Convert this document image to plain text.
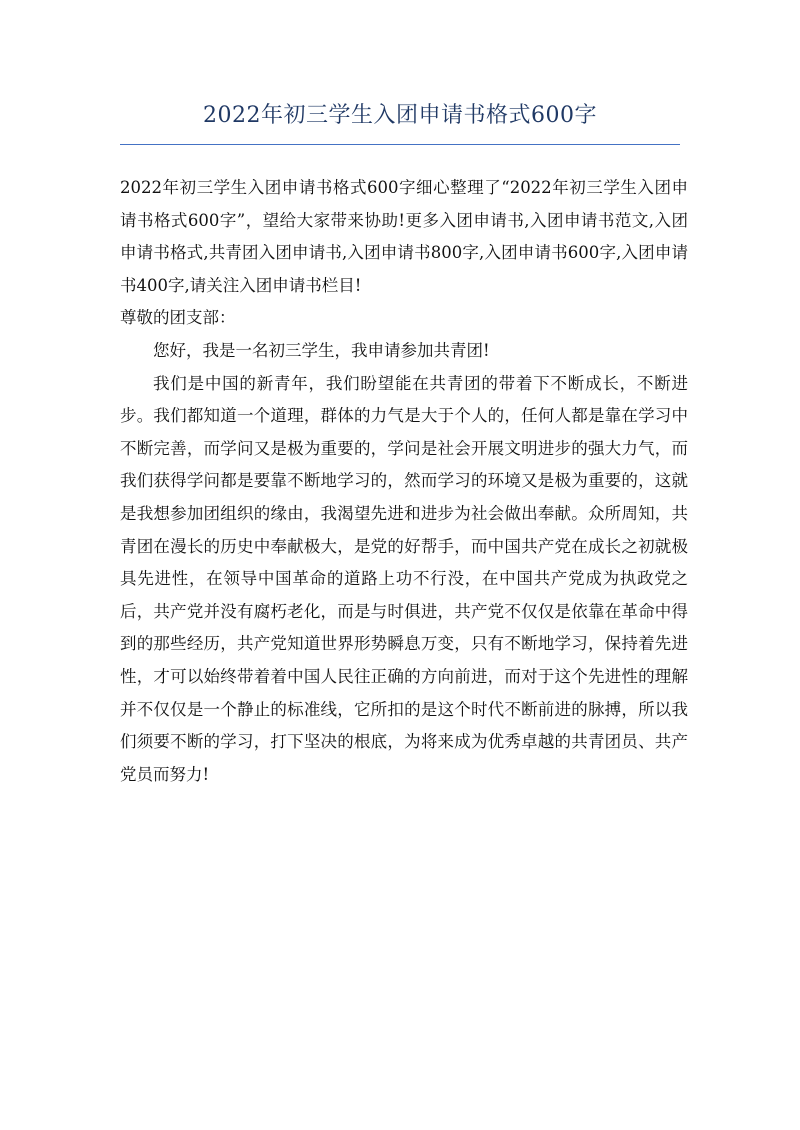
2022年初三学生入团申请书格式600字

2022年初三学生入团申请书格式600字细心整理了“2022年初三学生入团申请书格式600字”，望给大家带来协助!更多入团申请书,入团申请书范文,入团申请书格式,共青团入团申请书,入团申请书800字,入团申请书600字,入团申请书400字,请关注入团申请书栏目!

尊敬的团支部：

您好，我是一名初三学生，我申请参加共青团!

我们是中国的新青年，我们盼望能在共青团的带着下不断成长，不断进步。我们都知道一个道理，群体的力气是大于个人的，任何人都是靠在学习中不断完善，而学问又是极为重要的，学问是社会开展文明进步的强大力气，而我们获得学问都是要靠不断地学习的，然而学习的环境又是极为重要的，这就是我想参加团组织的缘由，我渴望先进和进步为社会做出奉献。众所周知，共青团在漫长的历史中奉献极大，是党的好帮手，而中国共产党在成长之初就极具先进性，在领导中国革命的道路上功不行没，在中国共产党成为执政党之后，共产党并没有腐朽老化，而是与时俱进，共产党不仅仅是依靠在革命中得到的那些经历，共产党知道世界形势瞬息万变，只有不断地学习，保持着先进性，才可以始终带着着中国人民往正确的方向前进，而对于这个先进性的理解并不仅仅是一个静止的标准线，它所扣的是这个时代不断前进的脉搏，所以我们须要不断的学习，打下坚决的根底，为将来成为优秀卓越的共青团员、共产党员而努力!
